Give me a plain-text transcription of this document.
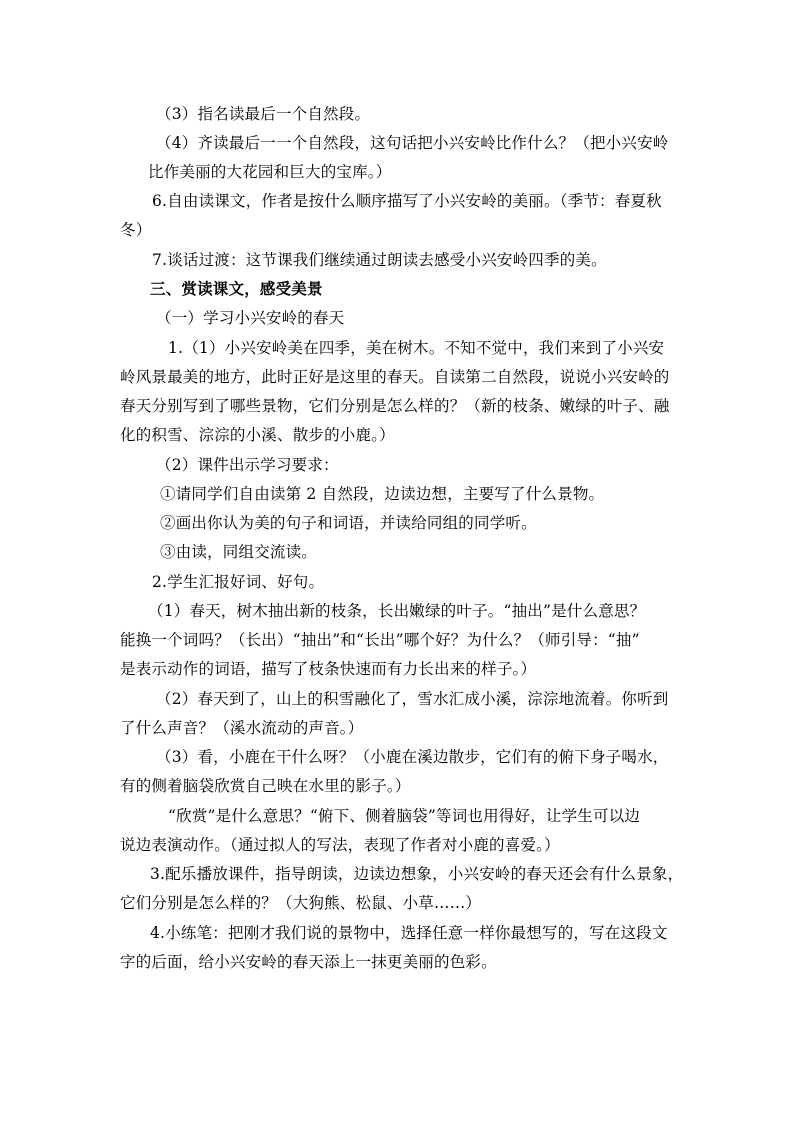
（3）指名读最后一个自然段。
（4）齐读最后一一个自然段，这句话把小兴安岭比作什么？（把小兴安岭
比作美丽的大花园和巨大的宝库。）
6.自由读课文，作者是按什么顺序描写了小兴安岭的美丽。（季节：春夏秋
冬）
7.谈话过渡：这节课我们继续通过朗读去感受小兴安岭四季的美。
三、赏读课文，感受美景
（一）学习小兴安岭的春天
1.（1）小兴安岭美在四季，美在树木。不知不觉中，我们来到了小兴安
岭风景最美的地方，此时正好是这里的春天。自读第二自然段，说说小兴安岭的
春天分别写到了哪些景物，它们分别是怎么样的？（新的枝条、嫩绿的叶子、融
化的积雪、淙淙的小溪、散步的小鹿。）
（2）课件出示学习要求：
①请同学们自由读第 2 自然段，边读边想，主要写了什么景物。
②画出你认为美的句子和词语，并读给同组的同学听。
③由读，同组交流读。
2.学生汇报好词、好句。
（1）春天，树木抽出新的枝条，长出嫩绿的叶子。“抽出”是什么意思？
能换一个词吗？（长出）“抽出”和“长出”哪个好？为什么？（师引导：“抽”
是表示动作的词语，描写了枝条快速而有力长出来的样子。）
（2）春天到了，山上的积雪融化了，雪水汇成小溪，淙淙地流着。你听到
了什么声音？（溪水流动的声音。）
（3）看，小鹿在干什么呀？（小鹿在溪边散步，它们有的俯下身子喝水，
有的侧着脑袋欣赏自己映在水里的影子。）
“欣赏”是什么意思？“俯下、侧着脑袋”等词也用得好，让学生可以边
说边表演动作。（通过拟人的写法，表现了作者对小鹿的喜爱。）
3.配乐播放课件，指导朗读，边读边想象，小兴安岭的春天还会有什么景象，
它们分别是怎么样的？（大狗熊、松鼠、小草……）
4.小练笔：把刚才我们说的景物中，选择任意一样你最想写的，写在这段文
字的后面，给小兴安岭的春天添上一抹更美丽的色彩。
